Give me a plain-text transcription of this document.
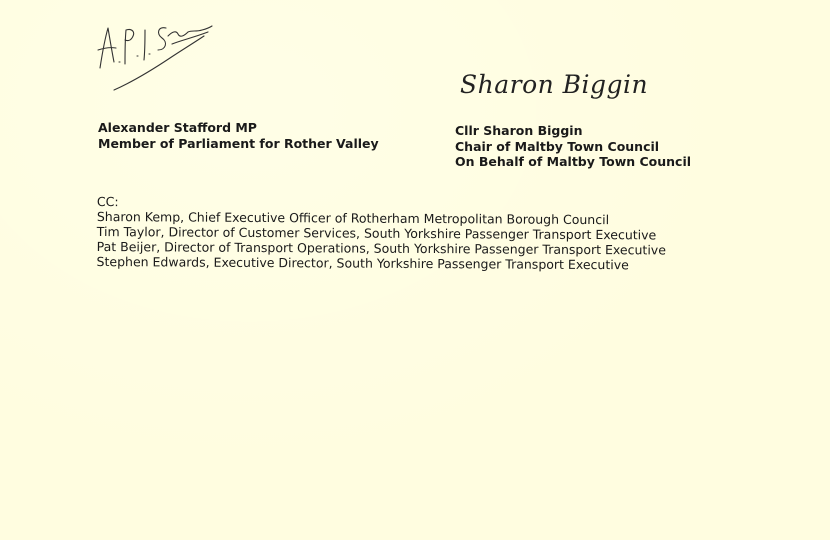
Sharon Biggin
Alexander Stafford MP
Member of Parliament for Rother Valley
Cllr Sharon Biggin
Chair of Maltby Town Council
On Behalf of Maltby Town Council
CC:
Sharon Kemp, Chief Executive Officer of Rotherham Metropolitan Borough Council
Tim Taylor, Director of Customer Services, South Yorkshire Passenger Transport Executive
Pat Beijer, Director of Transport Operations, South Yorkshire Passenger Transport Executive
Stephen Edwards, Executive Director, South Yorkshire Passenger Transport Executive
